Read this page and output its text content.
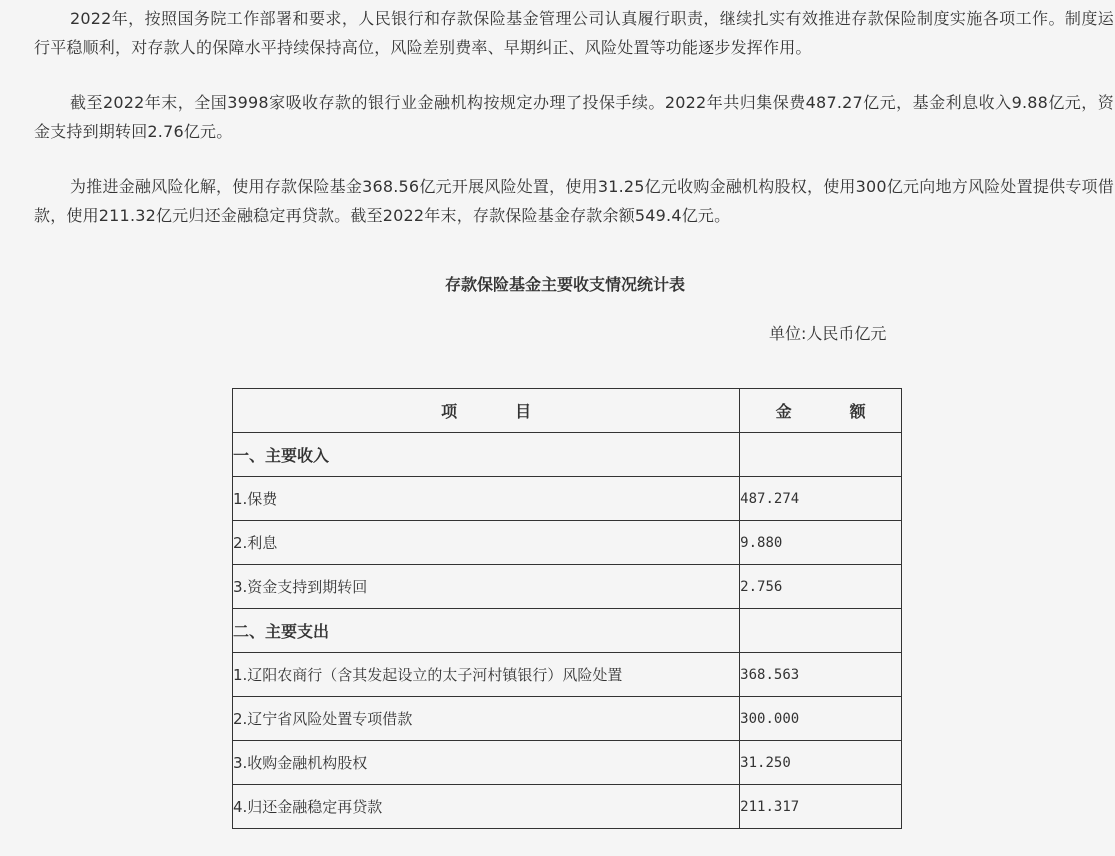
2022年，按照国务院工作部署和要求，人民银行和存款保险基金管理公司认真履行职责，继续扎实有效推进存款保险制度实施各项工作。制度运行平稳顺利，对存款人的保障水平持续保持高位，风险差别费率、早期纠正、风险处置等功能逐步发挥作用。

截至2022年末，全国3998家吸收存款的银行业金融机构按规定办理了投保手续。2022年共归集保费487.27亿元，基金利息收入9.88亿元，资金支持到期转回2.76亿元。

为推进金融风险化解，使用存款保险基金368.56亿元开展风险处置，使用31.25亿元收购金融机构股权，使用300亿元向地方风险处置提供专项借款，使用211.32亿元归还金融稳定再贷款。截至2022年末，存款保险基金存款余额549.4亿元。

存款保险基金主要收支情况统计表

单位:人民币亿元

项 目	金 额
一、主要收入	
1.保费	487.274
2.利息	9.880
3.资金支持到期转回	2.756
二、主要支出	
1.辽阳农商行（含其发起设立的太子河村镇银行）风险处置	368.563
2.辽宁省风险处置专项借款	300.000
3.收购金融机构股权	31.250
4.归还金融稳定再贷款	211.317
